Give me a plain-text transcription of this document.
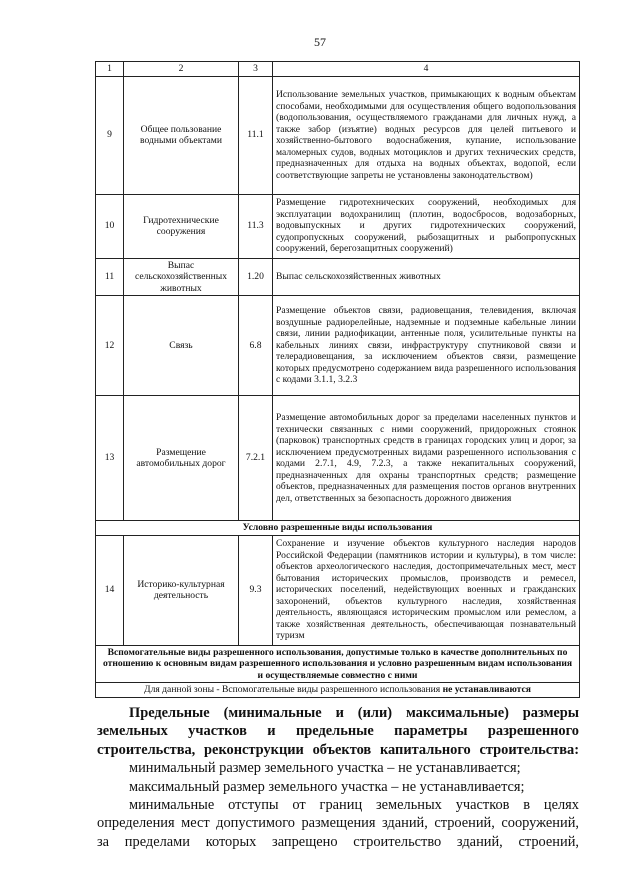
57
1	2	3	4
9	Общее пользование водными объектами	11.1	Использование земельных участков, примыкающих к водным объектам способами, необходимыми для осуществления общего водопользования (водопользования, осуществляемого гражданами для личных нужд, а также забор (изъятие) водных ресурсов для целей питьевого и хозяйственно-бытового водоснабжения, купание, использование маломерных судов, водных мотоциклов и других технических средств, предназначенных для отдыха на водных объектах, водопой, если соответствующие запреты не установлены законодательством)
10	Гидротехнические сооружения	11.3	Размещение гидротехнических сооружений, необходимых для эксплуатации водохранилищ (плотин, водосбросов, водозаборных, водовыпускных и других гидротехнических сооружений, судопропускных сооружений, рыбозащитных и рыбопропускных сооружений, берегозащитных сооружений)
11	Выпас сельскохозяйственных животных	1.20	Выпас сельскохозяйственных животных
12	Связь	6.8	Размещение объектов связи, радиовещания, телевидения, включая воздушные радиорелейные, надземные и подземные кабельные линии связи, линии радиофикации, антенные поля, усилительные пункты на кабельных линиях связи, инфраструктуру спутниковой связи и телерадиовещания, за исключением объектов связи, размещение которых предусмотрено содержанием вида разрешенного использования с кодами 3.1.1, 3.2.3
13	Размещение автомобильных дорог	7.2.1	Размещение автомобильных дорог за пределами населенных пунктов и технически связанных с ними сооружений, придорожных стоянок (парковок) транспортных средств в границах городских улиц и дорог, за исключением предусмотренных видами разрешенного использования с кодами 2.7.1, 4.9, 7.2.3, а также некапитальных сооружений, предназначенных для охраны транспортных средств; размещение объектов, предназначенных для размещения постов органов внутренних дел, ответственных за безопасность дорожного движения
Условно разрешенные виды использования			
14	Историко-культурная деятельность	9.3	Сохранение и изучение объектов культурного наследия народов Российской Федерации (памятников истории и культуры), в том числе: объектов археологического наследия, достопримечательных мест, мест бытования исторических промыслов, производств и ремесел, исторических поселений, недействующих военных и гражданских захоронений, объектов культурного наследия, хозяйственная деятельность, являющаяся историческим промыслом или ремеслом, а также хозяйственная деятельность, обеспечивающая познавательный туризм
Вспомогательные виды разрешенного использования, допустимые только в качестве дополнительных по отношению к основным видам разрешенного использования и условно разрешенным видам использования и осуществляемые совместно с ними			
Для данной зоны - Вспомогательные виды разрешенного использования не устанавливаются			

Предельные (минимальные и (или) максимальные) размеры

земельных участков и предельные параметры разрешенного

строительства, реконструкции объектов капитального строительства:

минимальный размер земельного участка – не устанавливается;

максимальный размер земельного участка – не устанавливается;

минимальные отступы от границ земельных участков в целях

определения мест допустимого размещения зданий, строений, сооружений,

за пределами которых запрещено строительство зданий, строений,
